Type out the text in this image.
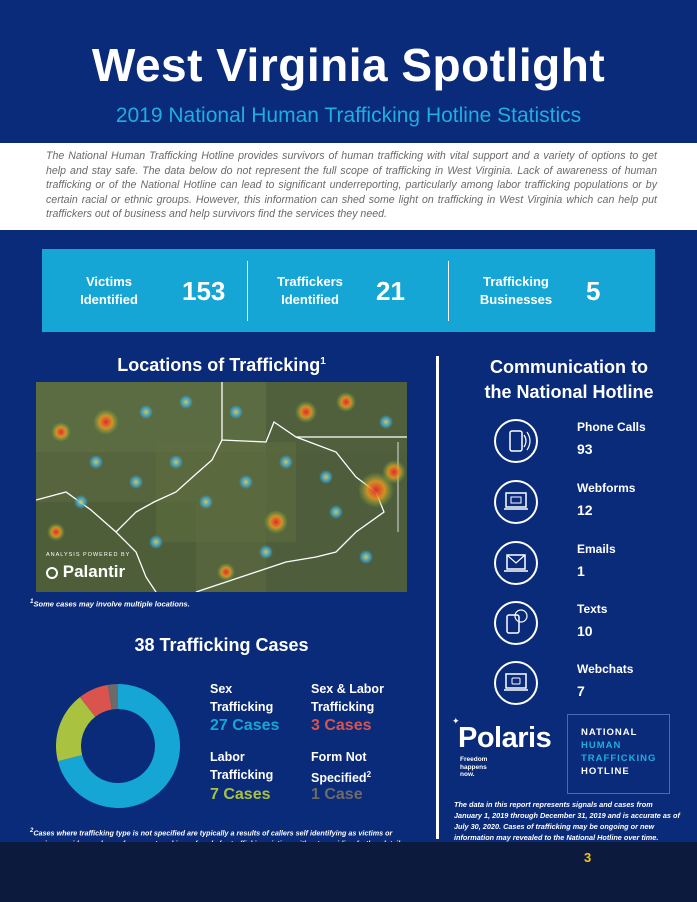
West Virginia Spotlight
2019 National Human Trafficking Hotline Statistics
The National Human Trafficking Hotline provides survivors of human trafficking with vital support and a variety of options to get help and stay safe. The data below do not represent the full scope of trafficking in West Virginia. Lack of awareness of human trafficking or of the National Hotline can lead to significant underreporting, particularly among labor trafficking populations or by certain racial or ethnic groups. However, this information can shed some light on trafficking in West Virginia which can help put traffickers out of business and help survivors find the services they need.
Victims
Identified	153	Traffickers
Identified	21	Trafficking
Businesses	5
Locations of Trafficking$^1$
ANALYSIS POWERED BY
Palantir
$^1$Some cases may involve multiple locations.
Communication to
the National Hotline
Phone Calls
93
Webforms
12
Emails
1
Texts
10
Webchats
7
38 Trafficking Cases
Sex
Trafficking
27 Cases
Sex & Labor
Trafficking
3 Cases
Labor
Trafficking
7 Cases
Form Not
Specified$^2$
1 Case
$^2$Cases where trafficking type is not specified are typically a results of callers self identifying as victims or
✦
Polaris
Freedom
happens
now.
NATIONAL
HUMAN
TRAFFICKING
HOTLINE
The data in this report represents signals and cases from January 1, 2019 through December 31, 2019 and is accurate as of July 30, 2020. Cases of trafficking may be ongoing or new information may revealed to the National Hotline over time.
3
